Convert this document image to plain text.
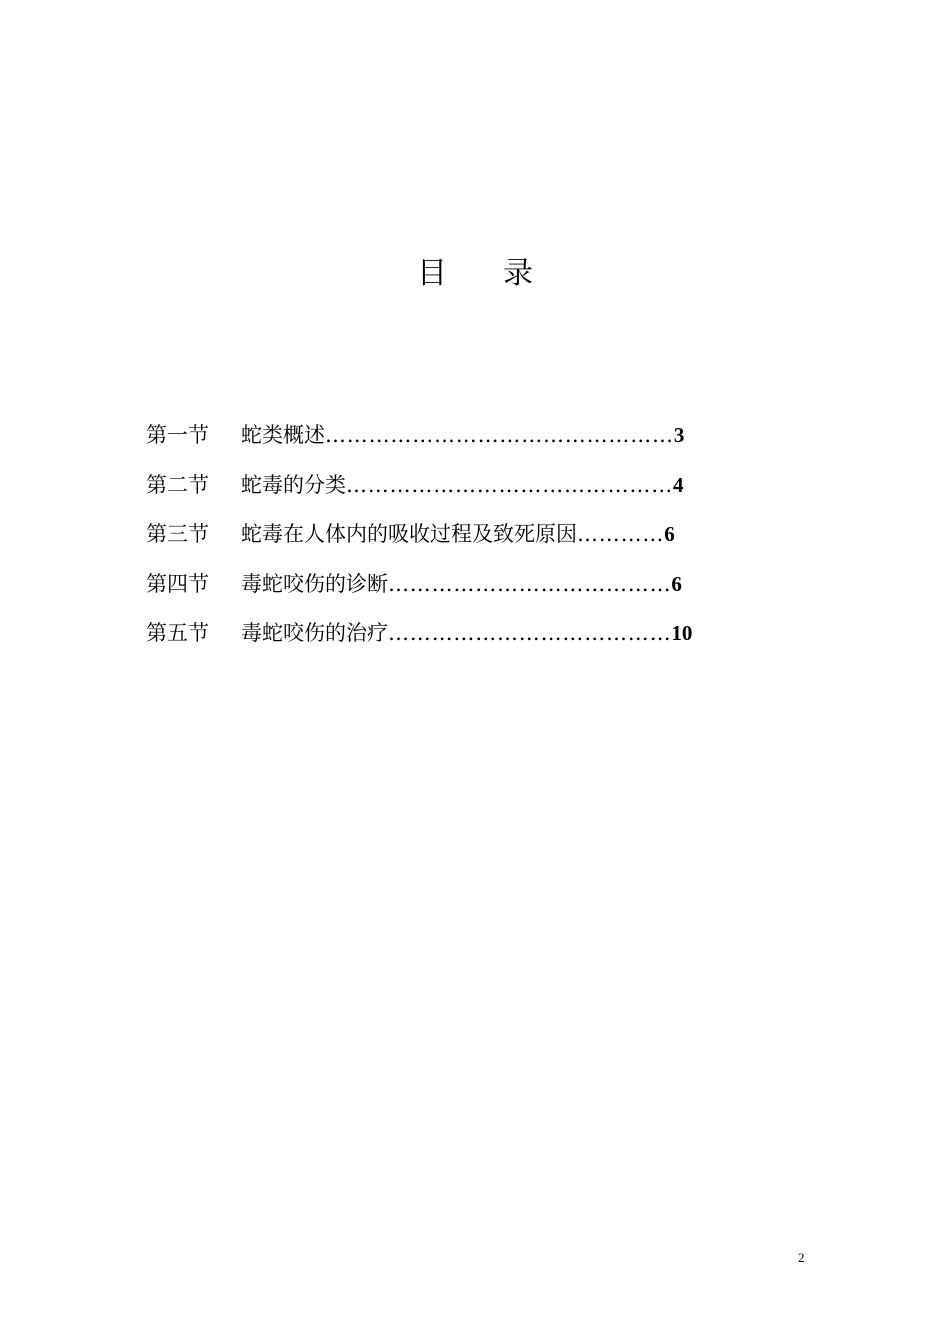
目 录
第一节 蛇类概述…………………………………………3
第二节 蛇毒的分类………………………………………4
第三节 蛇毒在人体内的吸收过程及致死原因…………6
第四节 毒蛇咬伤的诊断…………………………………6
第五节 毒蛇咬伤的治疗…………………………………10
2
